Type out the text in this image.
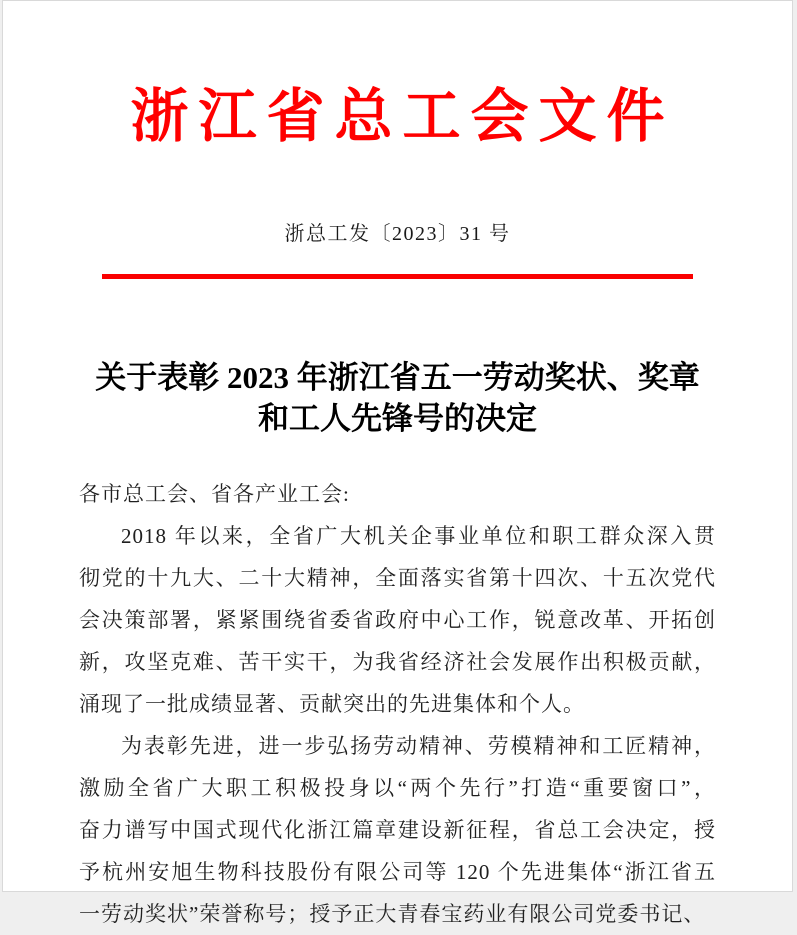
浙江省总工会文件
浙总工发〔2023〕31 号
关于表彰 2023 年浙江省五一劳动奖状、奖章
和工人先锋号的决定
各市总工会、省各产业工会:
2018 年以来，全省广大机关企事业单位和职工群众深入贯
彻党的十九大、二十大精神，全面落实省第十四次、十五次党代
会决策部署，紧紧围绕省委省政府中心工作，锐意改革、开拓创
新，攻坚克难、苦干实干，为我省经济社会发展作出积极贡献，
涌现了一批成绩显著、贡献突出的先进集体和个人。
为表彰先进，进一步弘扬劳动精神、劳模精神和工匠精神，
激励全省广大职工积极投身以“两个先行”打造“重要窗口”，
奋力谱写中国式现代化浙江篇章建设新征程，省总工会决定，授
予杭州安旭生物科技股份有限公司等 120 个先进集体“浙江省五
一劳动奖状”荣誉称号；授予正大青春宝药业有限公司党委书记、
